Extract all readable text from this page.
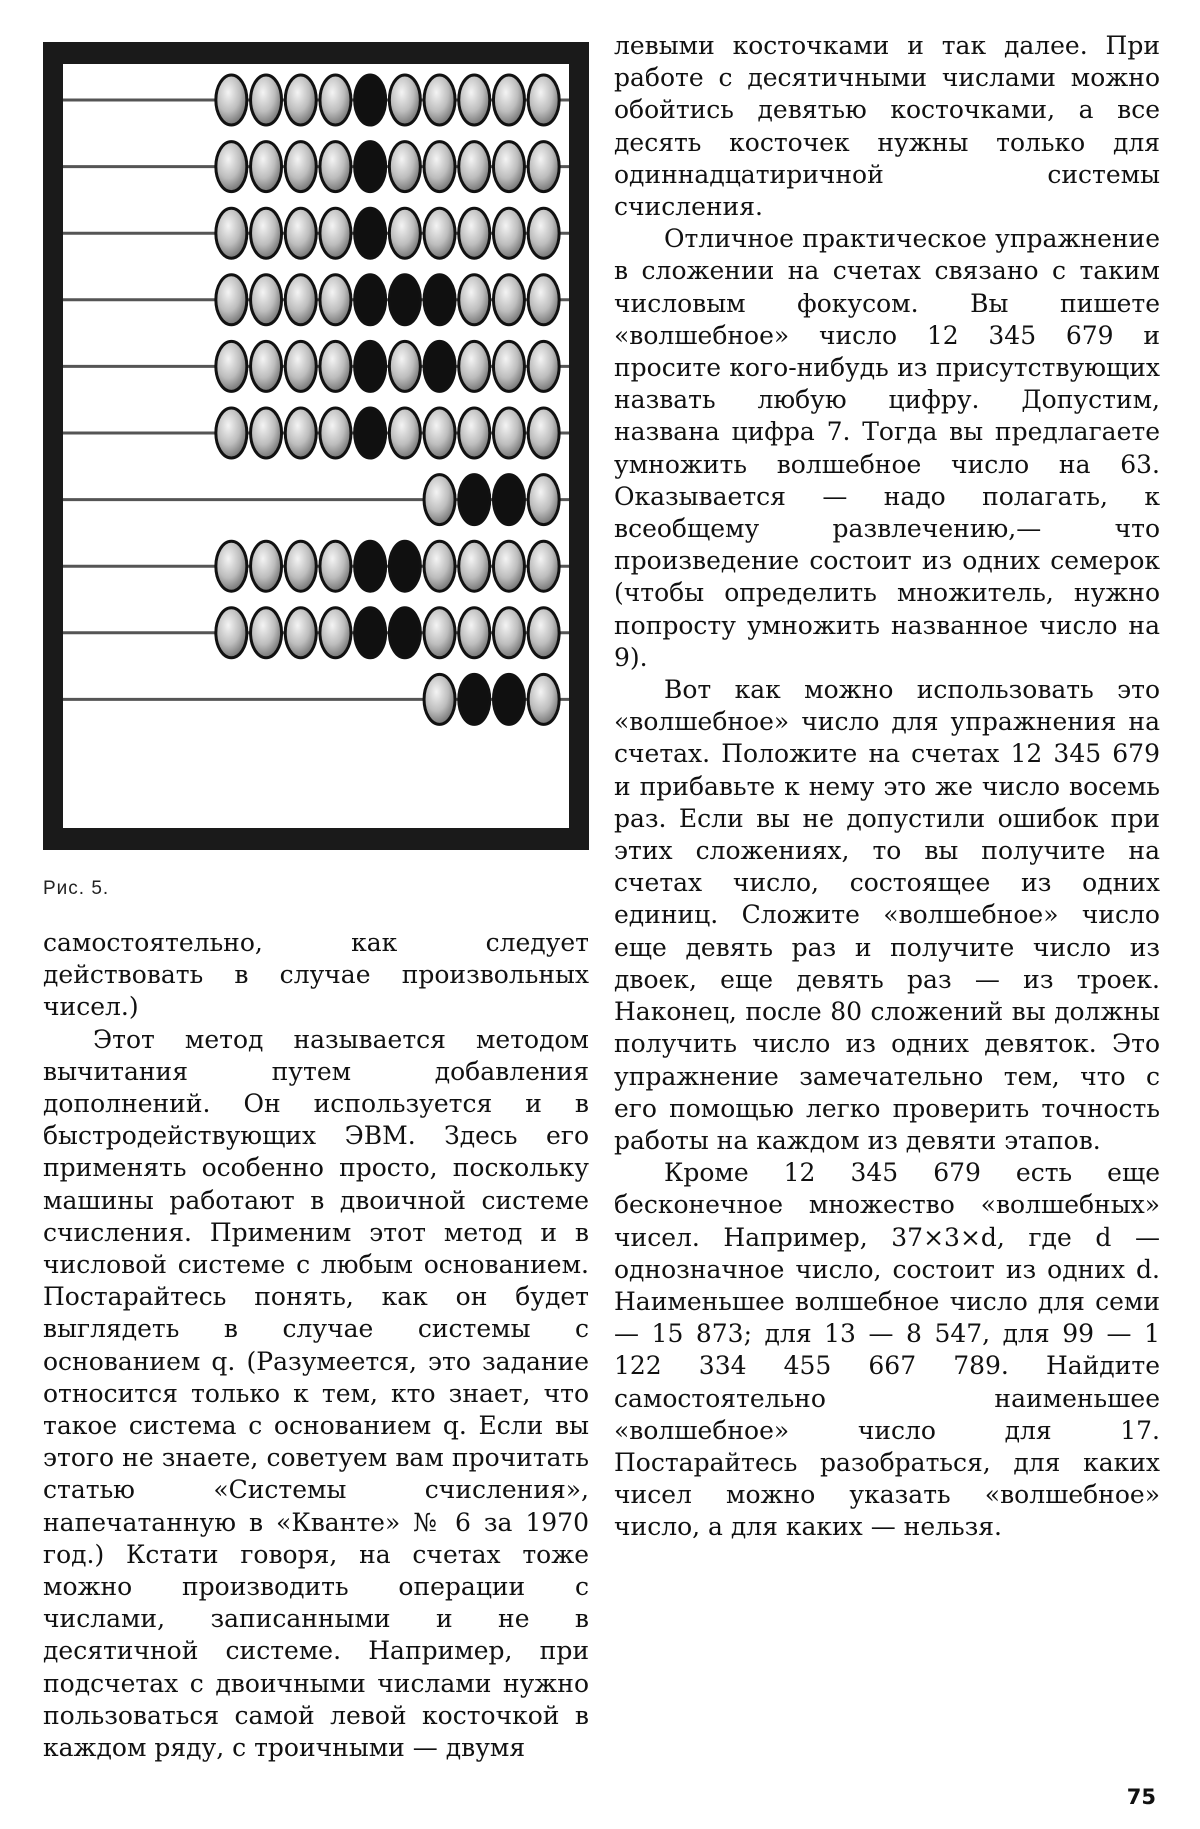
Рис. 5.

самостоятельно, как следует действовать в случае произвольных чисел.)

Этот метод называется методом вычитания путем добавления дополнений. Он используется и в быстродействующих ЭВМ. Здесь его применять особенно просто, поскольку машины работают в двоичной системе счисления. Применим этот метод и в числовой системе с любым основанием. Постарайтесь понять, как он будет выглядеть в случае системы с основанием q. (Разумеется, это задание относится только к тем, кто знает, что такое система с основанием q. Если вы этого не знаете, советуем вам прочитать статью «Системы счисления», напечатанную в «Кванте» № 6 за 1970 год.) Кстати говоря, на счетах тоже можно производить операции с числами, записанными и не в десятичной системе. Например, при подсчетах с двоичными числами нужно пользоваться самой левой косточкой в каждом ряду, с троичными — двумя

левыми косточками и так далее. При работе с десятичными числами можно обойтись девятью косточками, а все десять косточек нужны только для одиннадцатиричной системы счисления.

Отличное практическое упражнение в сложении на счетах связано с таким числовым фокусом. Вы пишете «волшебное» число 12 345 679 и просите кого-нибудь из присутствующих назвать любую цифру. Допустим, названа цифра 7. Тогда вы предлагаете умножить волшебное число на 63. Оказывается — надо полагать, к всеобщему развлечению,— что произведение состоит из одних семерок (чтобы определить множитель, нужно попросту умножить названное число на 9).

Вот как можно использовать это «волшебное» число для упражнения на счетах. Положите на счетах 12 345 679 и прибавьте к нему это же число восемь раз. Если вы не допустили ошибок при этих сложениях, то вы получите на счетах число, состоящее из одних единиц. Сложите «волшебное» число еще девять раз и получите число из двоек, еще девять раз — из троек. Наконец, после 80 сложений вы должны получить число из одних девяток. Это упражнение замечательно тем, что с его помощью легко проверить точность работы на каждом из девяти этапов.

Кроме 12 345 679 есть еще бесконечное множество «волшебных» чисел. Например, 37×3×d, где d — однозначное число, состоит из одних d. Наименьшее волшебное число для семи — 15 873; для 13 — 8 547, для 99 — 1 122 334 455 667 789. Найдите самостоятельно наименьшее «волшебное» число для 17. Постарайтесь разобраться, для каких чисел можно указать «волшебное» число, а для каких — нельзя.

75
